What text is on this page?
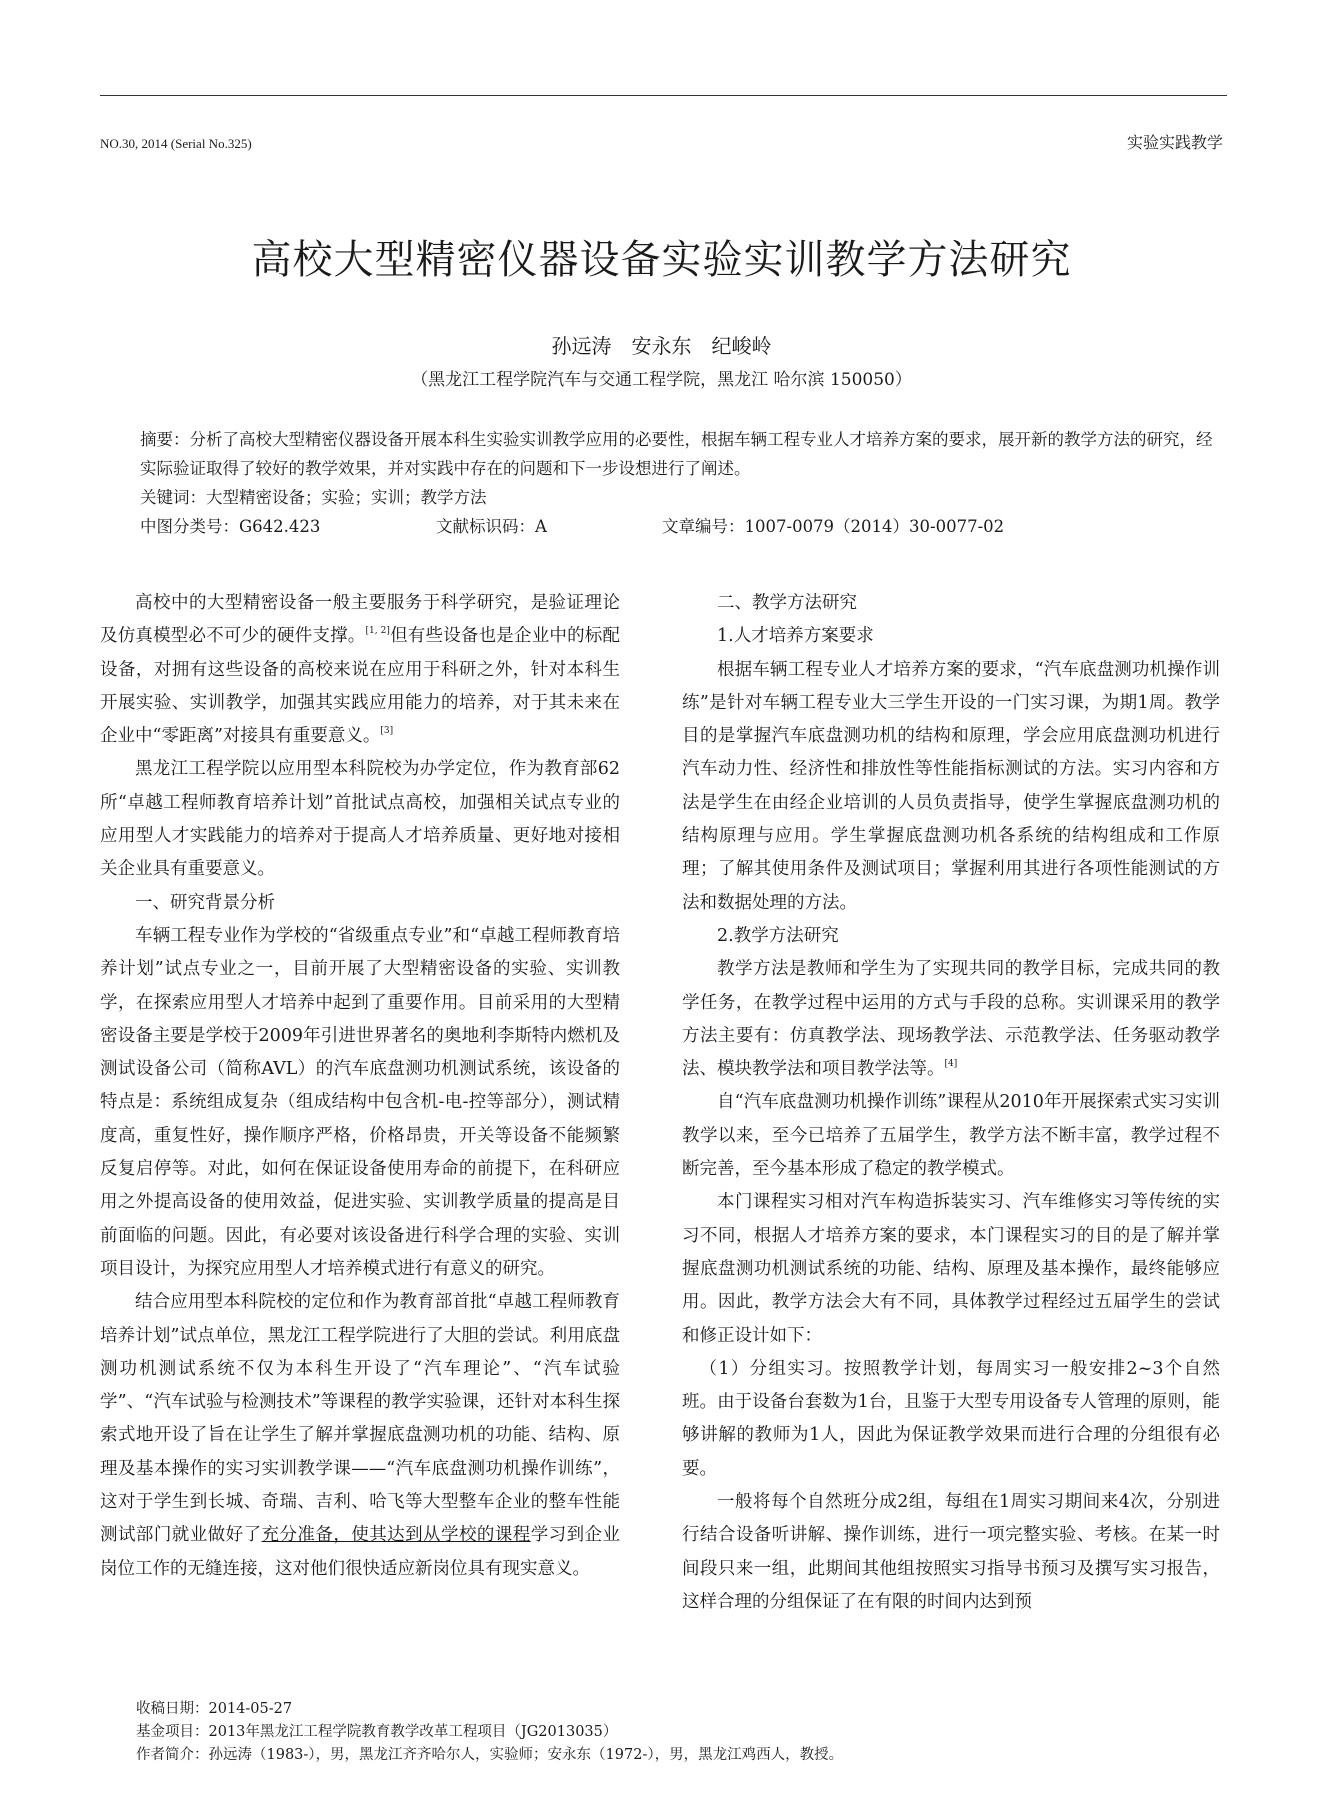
NO.30, 2014 (Serial No.325)	实验实践教学
高校大型精密仪器设备实验实训教学方法研究
孙远涛　安永东　纪峻岭
（黑龙江工程学院汽车与交通工程学院，黑龙江 哈尔滨 150050）

摘要：分析了高校大型精密仪器设备开展本科生实验实训教学应用的必要性，根据车辆工程专业人才培养方案的要求，展开新的教学方法的研究，经实际验证取得了较好的教学效果，并对实践中存在的问题和下一步设想进行了阐述。

关键词：大型精密设备；实验；实训；教学方法

中图分类号：G642.423	文献标识码：A	文章编号：1007-0079（2014）30-0077-02

高校中的大型精密设备一般主要服务于科学研究，是验证理论及仿真模型必不可少的硬件支撑。[1, 2]但有些设备也是企业中的标配设备，对拥有这些设备的高校来说在应用于科研之外，针对本科生开展实验、实训教学，加强其实践应用能力的培养，对于其未来在企业中“零距离”对接具有重要意义。[3]

黑龙江工程学院以应用型本科院校为办学定位，作为教育部62所“卓越工程师教育培养计划”首批试点高校，加强相关试点专业的应用型人才实践能力的培养对于提高人才培养质量、更好地对接相关企业具有重要意义。

一、研究背景分析

车辆工程专业作为学校的“省级重点专业”和“卓越工程师教育培养计划”试点专业之一，目前开展了大型精密设备的实验、实训教学，在探索应用型人才培养中起到了重要作用。目前采用的大型精密设备主要是学校于2009年引进世界著名的奥地利李斯特内燃机及测试设备公司（简称AVL）的汽车底盘测功机测试系统，该设备的特点是：系统组成复杂（组成结构中包含机-电-控等部分），测试精度高，重复性好，操作顺序严格，价格昂贵，开关等设备不能频繁反复启停等。对此，如何在保证设备使用寿命的前提下，在科研应用之外提高设备的使用效益，促进实验、实训教学质量的提高是目前面临的问题。因此，有必要对该设备进行科学合理的实验、实训项目设计，为探究应用型人才培养模式进行有意义的研究。

结合应用型本科院校的定位和作为教育部首批“卓越工程师教育培养计划”试点单位，黑龙江工程学院进行了大胆的尝试。利用底盘测功机测试系统不仅为本科生开设了“汽车理论”、“汽车试验学”、“汽车试验与检测技术”等课程的教学实验课，还针对本科生探索式地开设了旨在让学生了解并掌握底盘测功机的功能、结构、原理及基本操作的实习实训教学课——“汽车底盘测功机操作训练”，这对于学生到长城、奇瑞、吉利、哈飞等大型整车企业的整车性能测试部门就业做好了充分准备，使其达到从学校的课程学习到企业岗位工作的无缝连接，这对他们很快适应新岗位具有现实意义。

二、教学方法研究

1.人才培养方案要求

根据车辆工程专业人才培养方案的要求，“汽车底盘测功机操作训练”是针对车辆工程专业大三学生开设的一门实习课，为期1周。教学目的是掌握汽车底盘测功机的结构和原理，学会应用底盘测功机进行汽车动力性、经济性和排放性等性能指标测试的方法。实习内容和方法是学生在由经企业培训的人员负责指导，使学生掌握底盘测功机的结构原理与应用。学生掌握底盘测功机各系统的结构组成和工作原理；了解其使用条件及测试项目；掌握利用其进行各项性能测试的方法和数据处理的方法。

2.教学方法研究

教学方法是教师和学生为了实现共同的教学目标，完成共同的教学任务，在教学过程中运用的方式与手段的总称。实训课采用的教学方法主要有：仿真教学法、现场教学法、示范教学法、任务驱动教学法、模块教学法和项目教学法等。[4]

自“汽车底盘测功机操作训练”课程从2010年开展探索式实习实训教学以来，至今已培养了五届学生，教学方法不断丰富，教学过程不断完善，至今基本形成了稳定的教学模式。

本门课程实习相对汽车构造拆装实习、汽车维修实习等传统的实习不同，根据人才培养方案的要求，本门课程实习的目的是了解并掌握底盘测功机测试系统的功能、结构、原理及基本操作，最终能够应用。因此，教学方法会大有不同，具体教学过程经过五届学生的尝试和修正设计如下：

（1）分组实习。按照教学计划，每周实习一般安排2~3个自然班。由于设备台套数为1台，且鉴于大型专用设备专人管理的原则，能够讲解的教师为1人，因此为保证教学效果而进行合理的分组很有必要。

一般将每个自然班分成2组，每组在1周实习期间来4次，分别进行结合设备听讲解、操作训练，进行一项完整实验、考核。在某一时间段只来一组，此期间其他组按照实习指导书预习及撰写实习报告，这样合理的分组保证了在有限的时间内达到预

收稿日期：2014-05-27

基金项目：2013年黑龙江工程学院教育教学改革工程项目（JG2013035）

作者简介：孙远涛（1983-），男，黑龙江齐齐哈尔人，实验师；安永东（1972-），男，黑龙江鸡西人，教授。
